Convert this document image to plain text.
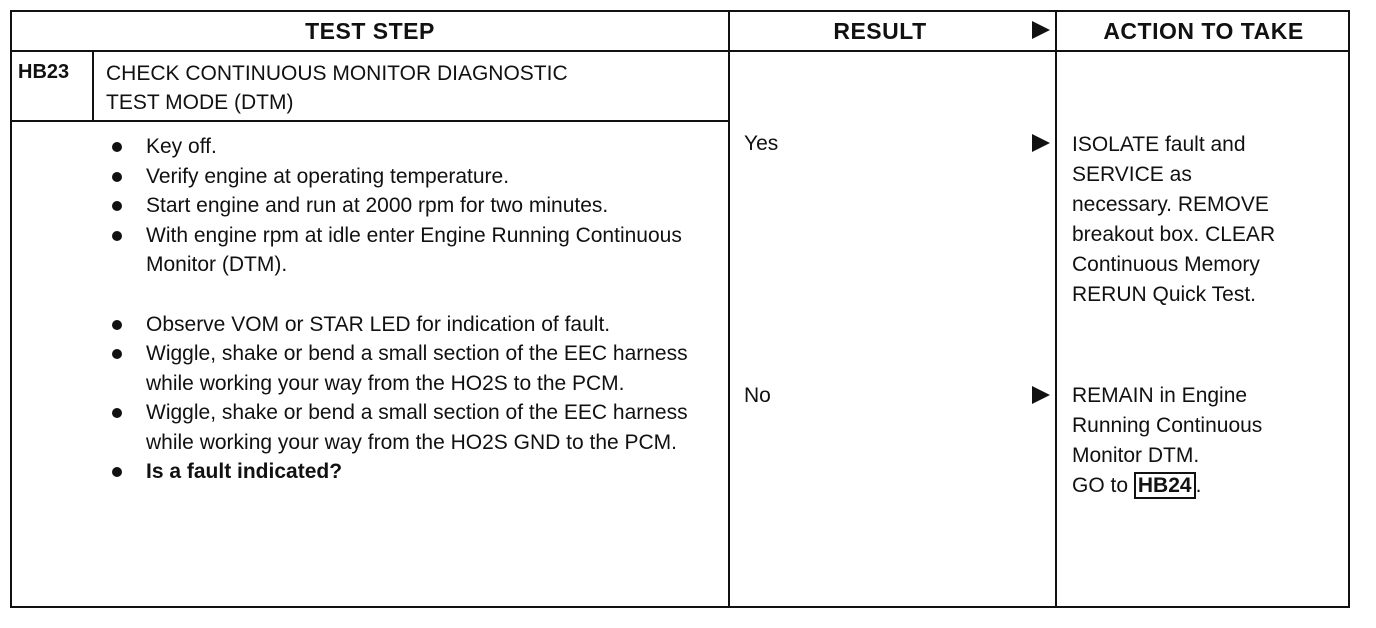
TEST STEP	RESULT	ACTION TO TAKE
HB23	CHECK CONTINUOUS MONITOR DIAGNOSTIC
TEST MODE (DTM)
Key off.
Verify engine at operating temperature.
Start engine and run at 2000 rpm for two minutes.
With engine rpm at idle enter Engine Running Continuous Monitor (DTM).
Observe VOM or STAR LED for indication of fault.
Wiggle, shake or bend a small section of the EEC harness while working your way from the HO2S to the PCM.
Wiggle, shake or bend a small section of the EEC harness while working your way from the HO2S GND to the PCM.
Is a fault indicated?
Yes	ISOLATE fault and
SERVICE as
necessary. REMOVE
breakout box. CLEAR
Continuous Memory
RERUN Quick Test.
No	REMAIN in Engine
Running Continuous
Monitor DTM.
GO to HB24 .
